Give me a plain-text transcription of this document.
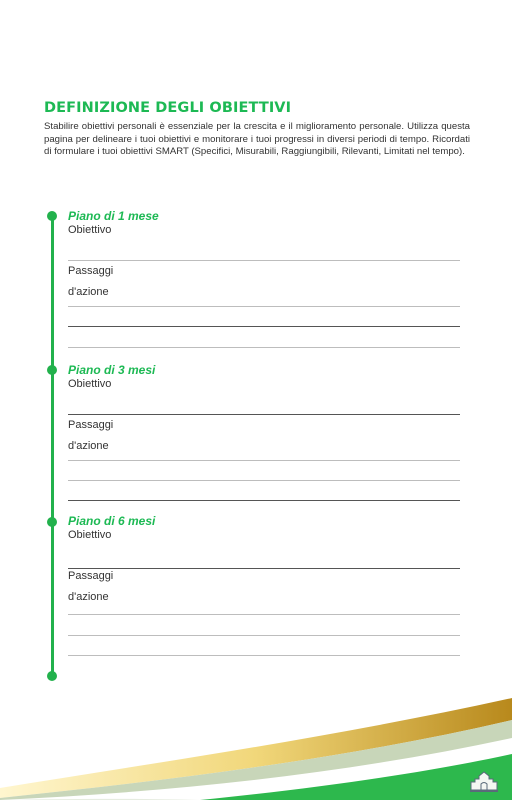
DEFINIZIONE DEGLI OBIETTIVI
Stabilire obiettivi personali è essenziale per la crescita e il miglioramento personale. Utilizza questa pagina per delineare i tuoi obiettivi e monitorare i tuoi progressi in diversi periodi di tempo. Ricordati di formulare i tuoi obiettivi SMART (Specifici, Misurabili, Raggiungibili, Rilevanti, Limitati nel tempo).
Piano di 1 mese
Obiettivo
Passaggi d'azione
Piano di 3 mesi
Obiettivo
Passaggi d'azione
Piano di 6 mesi
Obiettivo
Passaggi d'azione
